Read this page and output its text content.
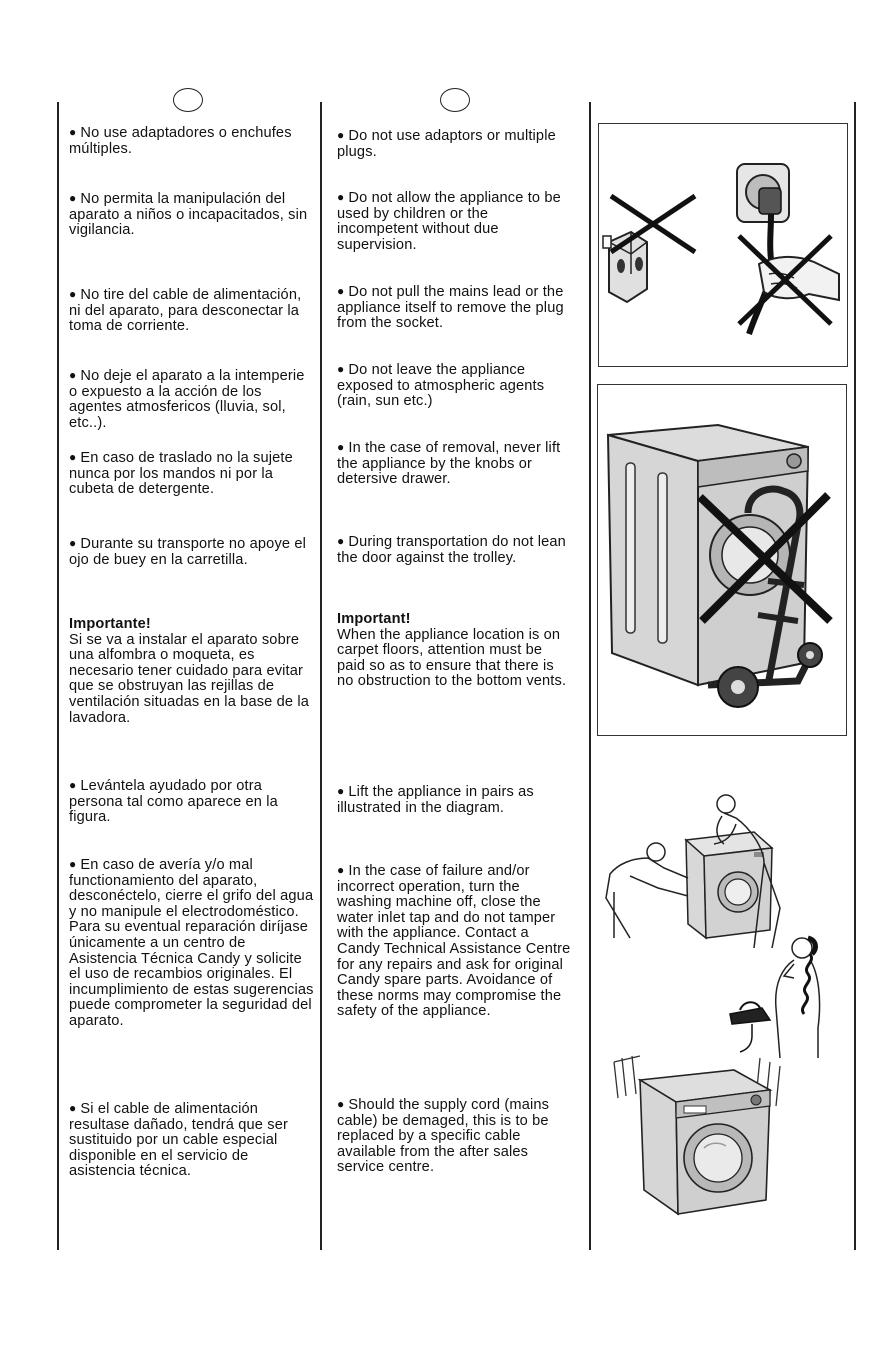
● No use adaptadores o enchufes múltiples.

● No permita la manipulación del aparato a niños o incapacitados, sin vigilancia.

● No tire del cable de alimentación, ni del aparato, para desconectar la toma de corriente.

● No deje el aparato a la intemperie o expuesto a la acción de los agentes atmosfericos (lluvia, sol, etc..).

● En caso de traslado no la sujete nunca por los mandos ni por la cubeta de detergente.

● Durante su transporte no apoye el ojo de buey en la carretilla.

Importante!
Si se va a instalar el aparato sobre una alfombra o moqueta, es necesario tener cuidado para evitar que se obstruyan las rejillas de ventilación situadas en la base de la lavadora.

● Levántela ayudado por otra persona tal como aparece en la figura.

● En caso de avería y/o mal functionamiento del aparato, desconéctelo, cierre el grifo del agua y no manipule el electrodoméstico. Para su eventual reparación diríjase únicamente a un centro de Asistencia Técnica Candy y solicite el uso de recambios originales. El incumplimiento de estas sugerencias puede comprometer la seguridad del aparato.

● Si el cable de alimentación resultase dañado, tendrá que ser sustituido por un cable especial disponible en el servicio de asistencia técnica.

● Do not use adaptors or multiple plugs.

● Do not allow the appliance to be used by children or the incompetent without due supervision.

● Do not pull the mains lead or the appliance itself to remove the plug from the socket.

● Do not leave the appliance exposed to atmospheric agents (rain, sun etc.)

● In the case of removal, never lift the appliance by the knobs or detersive drawer.

● During transportation do not lean the door against the trolley.

Important!
When the appliance location is on carpet floors, attention must be paid so as to ensure that there is no obstruction to the bottom vents.

● Lift the appliance in pairs as illustrated in the diagram.

● In the case of failure and/or incorrect operation, turn the washing machine off, close the water inlet tap and do not tamper with the appliance. Contact a Candy Technical Assistance Centre for any repairs and ask for original Candy spare parts. Avoidance of these norms may compromise the safety of the appliance.

● Should the supply cord (mains cable) be demaged, this is to be replaced by a specific cable available from the after sales service centre.
